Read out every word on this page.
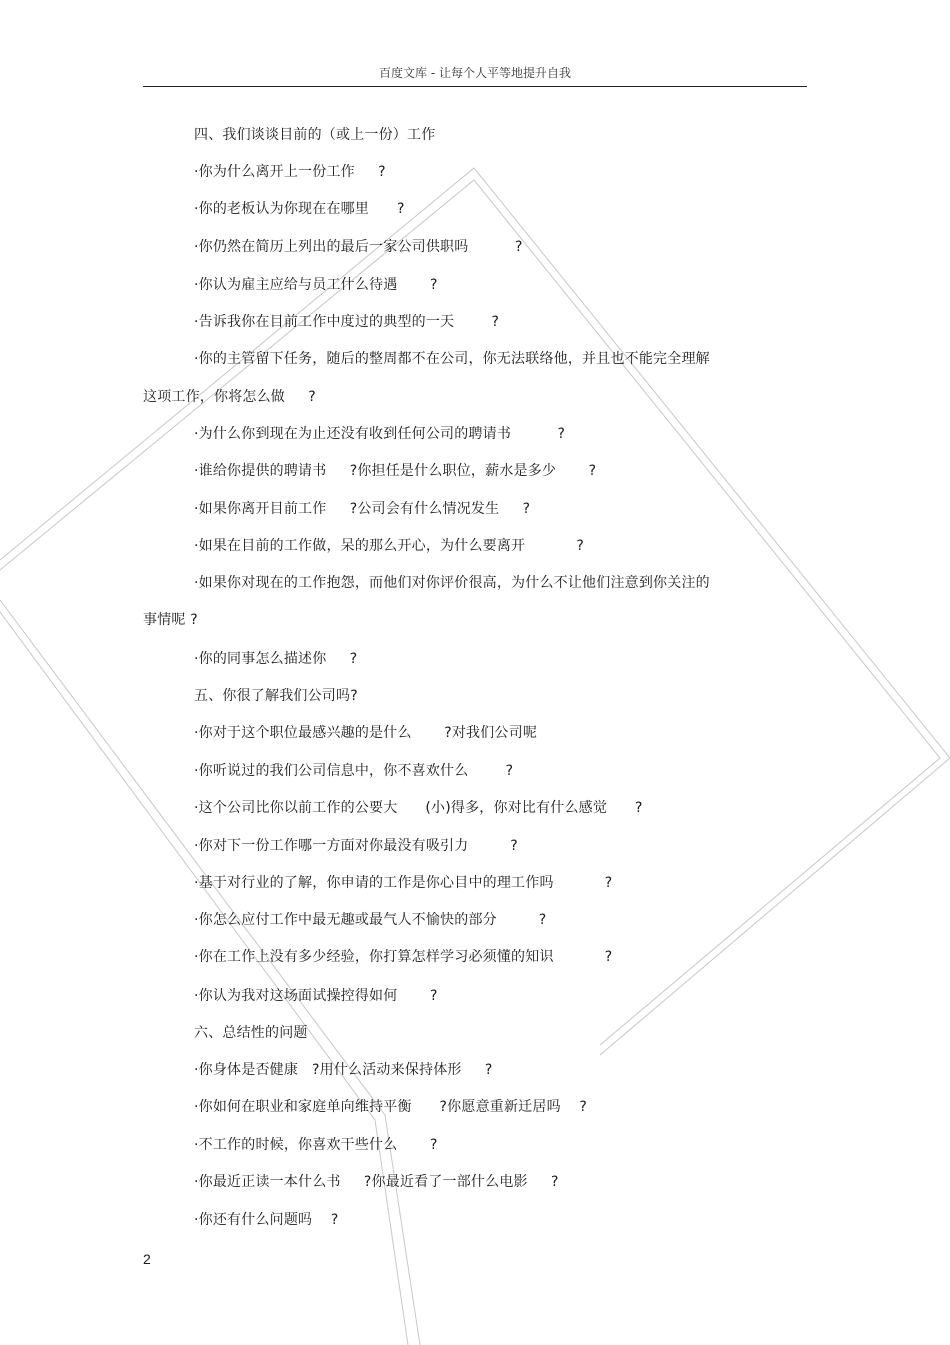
百度文库 - 让每个人平等地提升自我
四、我们谈谈目前的（或上一份）工作
·你为什么离开上一份工作     ?
·你的老板认为你现在在哪里      ?
·你仍然在简历上列出的最后一家公司供职吗          ?
·你认为雇主应给与员工什么待遇       ?
·告诉我你在目前工作中度过的典型的一天        ?
·你的主管留下任务，随后的整周都不在公司，你无法联络他，并且也不能完全理解
这项工作，你将怎么做     ?
·为什么你到现在为止还没有收到任何公司的聘请书          ?
·谁给你提供的聘请书     ?你担任是什么职位，薪水是多少       ?
·如果你离开目前工作     ?公司会有什么情况发生     ?
·如果在目前的工作做，呆的那么开心，为什么要离开           ?
·如果你对现在的工作抱怨，而他们对你评价很高，为什么不让他们注意到你关注的
事情呢 ?
·你的同事怎么描述你     ?
五、你很了解我们公司吗?
·你对于这个职位最感兴趣的是什么       ?对我们公司呢
·你听说过的我们公司信息中，你不喜欢什么        ?
·这个公司比你以前工作的公要大      (小)得多，你对比有什么感觉      ?
·你对下一份工作哪一方面对你最没有吸引力         ?
·基于对行业的了解，你申请的工作是你心目中的理工作吗           ?
·你怎么应付工作中最无趣或最气人不愉快的部分         ?
·你在工作上没有多少经验，你打算怎样学习必须懂的知识           ?
·你认为我对这场面试操控得如何       ?
六、总结性的问题
·你身体是否健康   ?用什么活动来保持体形     ?
·你如何在职业和家庭单向维持平衡      ?你愿意重新迁居吗    ?
·不工作的时候，你喜欢干些什么       ?
·你最近正读一本什么书     ?你最近看了一部什么电影     ?
·你还有什么问题吗    ?
2
